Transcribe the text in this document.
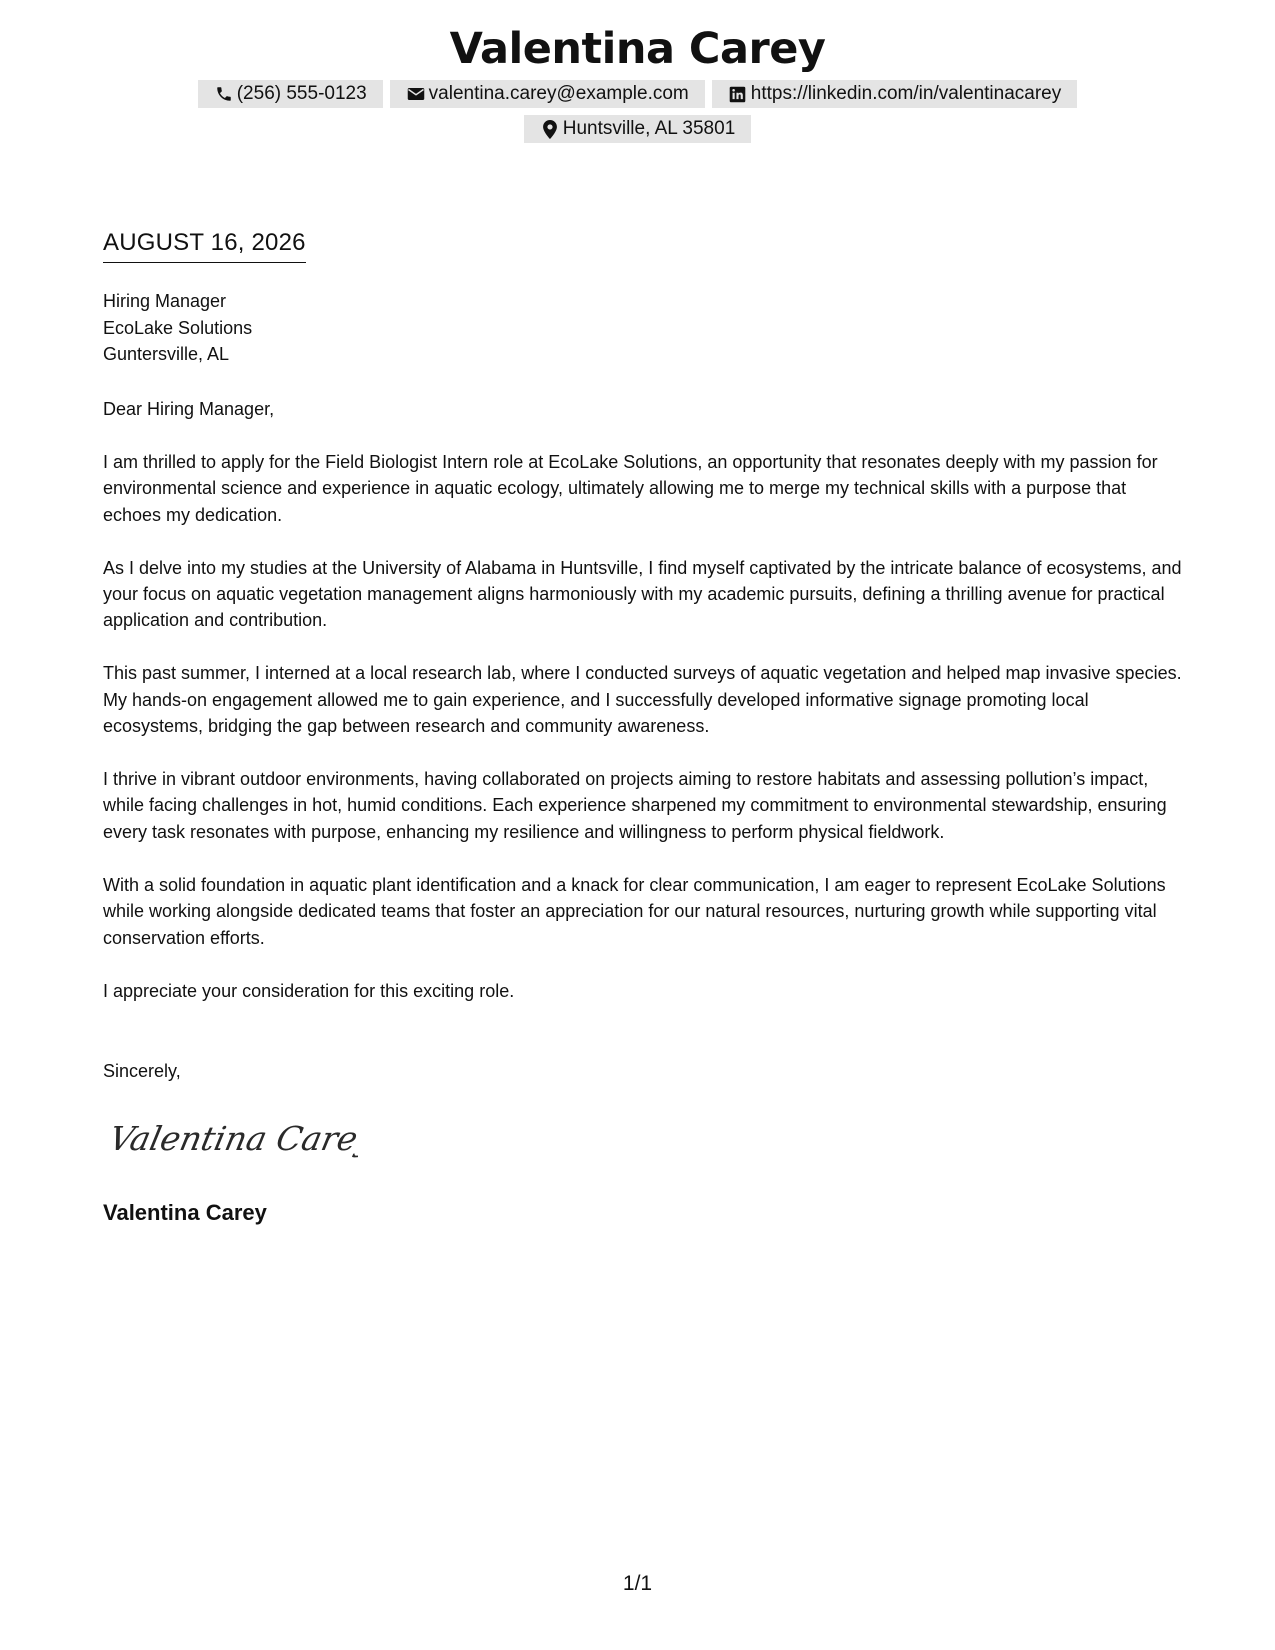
Valentina Carey
(256) 555-0123	valentina.carey@example.com	https://linkedin.com/in/valentinacarey
Huntsville, AL 35801
AUGUST 16, 2026
Hiring Manager
EcoLake Solutions
Guntersville, AL

Dear Hiring Manager,

I am thrilled to apply for the Field Biologist Intern role at EcoLake Solutions, an opportunity that resonates deeply with my passion for environmental science and experience in aquatic ecology, ultimately allowing me to merge my technical skills with a purpose that echoes my dedication.

As I delve into my studies at the University of Alabama in Huntsville, I find myself captivated by the intricate balance of ecosystems, and your focus on aquatic vegetation management aligns harmoniously with my academic pursuits, defining a thrilling avenue for practical application and contribution.

This past summer, I interned at a local research lab, where I conducted surveys of aquatic vegetation and helped map invasive species. My hands-on engagement allowed me to gain experience, and I successfully developed informative signage promoting local ecosystems, bridging the gap between research and community awareness.

I thrive in vibrant outdoor environments, having collaborated on projects aiming to restore habitats and assessing pollution’s impact, while facing challenges in hot, humid conditions. Each experience sharpened my commitment to environmental stewardship, ensuring every task resonates with purpose, enhancing my resilience and willingness to perform physical fieldwork.

With a solid foundation in aquatic plant identification and a knack for clear communication, I am eager to represent EcoLake Solutions while working alongside dedicated teams that foster an appreciation for our natural resources, nurturing growth while supporting vital conservation efforts.

I appreciate your consideration for this exciting role.

Sincerely,
Valentina Carey
Valentina Carey
1/1
